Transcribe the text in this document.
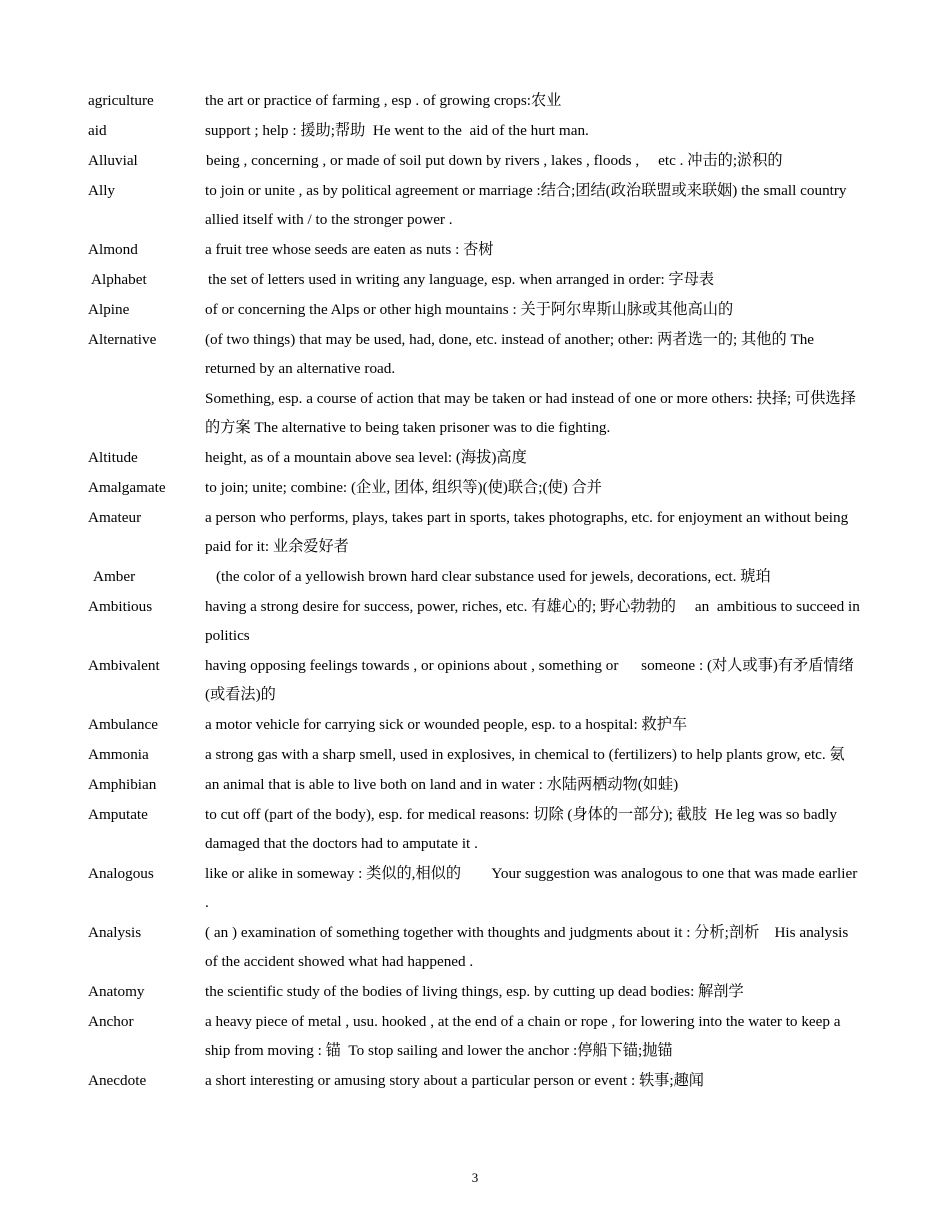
agriculture	the art or practice of farming , esp . of growing crops:农业
aid	support ; help : 援助;帮助  He went to the  aid of the hurt man.
Alluvial	being , concerning , or made of soil put down by rivers , lakes , floods ,     etc . 冲击的;淤积的
Ally	to join or unite , as by political agreement or marriage :结合;团结(政治联盟或来联姻) the small country allied itself with / to the stronger power .
Almond	a fruit tree whose seeds are eaten as nuts : 杏树
Alphabet	the set of letters used in writing any language, esp. when arranged in order: 字母表
Alpine	of or concerning the Alps or other high mountains : 关于阿尔卑斯山脉或其他高山的
Alternative	(of two things) that may be used, had, done, etc. instead of another; other: 两者选一的; 其他的 The returned by an alternative road.
Something, esp. a course of action that may be taken or had instead of one or more others: 抉择; 可供选择的方案 The alternative to being taken prisoner was to die fighting.
Altitude	height, as of a mountain above sea level: (海拔)高度
Amalgamate	to join; unite; combine: (企业, 团体, 组织等)(使)联合;(使) 合并
Amateur	a person who performs, plays, takes part in sports, takes photographs, etc. for enjoyment an without being paid for it: 业余爱好者
Amber	(the color of a yellowish brown hard clear substance used for jewels, decorations, ect. 琥珀
Ambitious	having a strong desire for success, power, riches, etc. 有雄心的; 野心勃勃的     an  ambitious to succeed in politics
Ambivalent	having opposing feelings towards , or opinions about , something or      someone : (对人或事)有矛盾情绪(或看法)的
Ambulance	a motor vehicle for carrying sick or wounded people, esp. to a hospital: 救护车
Ammonia	a strong gas with a sharp smell, used in explosives, in chemical to (fertilizers) to help plants grow, etc. 氨
Amphibian	an animal that is able to live both on land and in water : 水陆两栖动物(如蛙)
Amputate	to cut off (part of the body), esp. for medical reasons: 切除 (身体的一部分); 截肢  He leg was so badly damaged that the doctors had to amputate it .
Analogous	like or alike in someway : 类似的,相似的        Your suggestion was analogous to one that was made earlier .
Analysis	( an ) examination of something together with thoughts and judgments about it : 分析;剖析    His analysis of the accident showed what had happened .
Anatomy	the scientific study of the bodies of living things, esp. by cutting up dead bodies: 解剖学
Anchor	a heavy piece of metal , usu. hooked , at the end of a chain or rope , for lowering into the water to keep a ship from moving : 锚  To stop sailing and lower the anchor :停船下锚;抛锚
Anecdote	a short interesting or amusing story about a particular person or event : 轶事;趣闻
3
